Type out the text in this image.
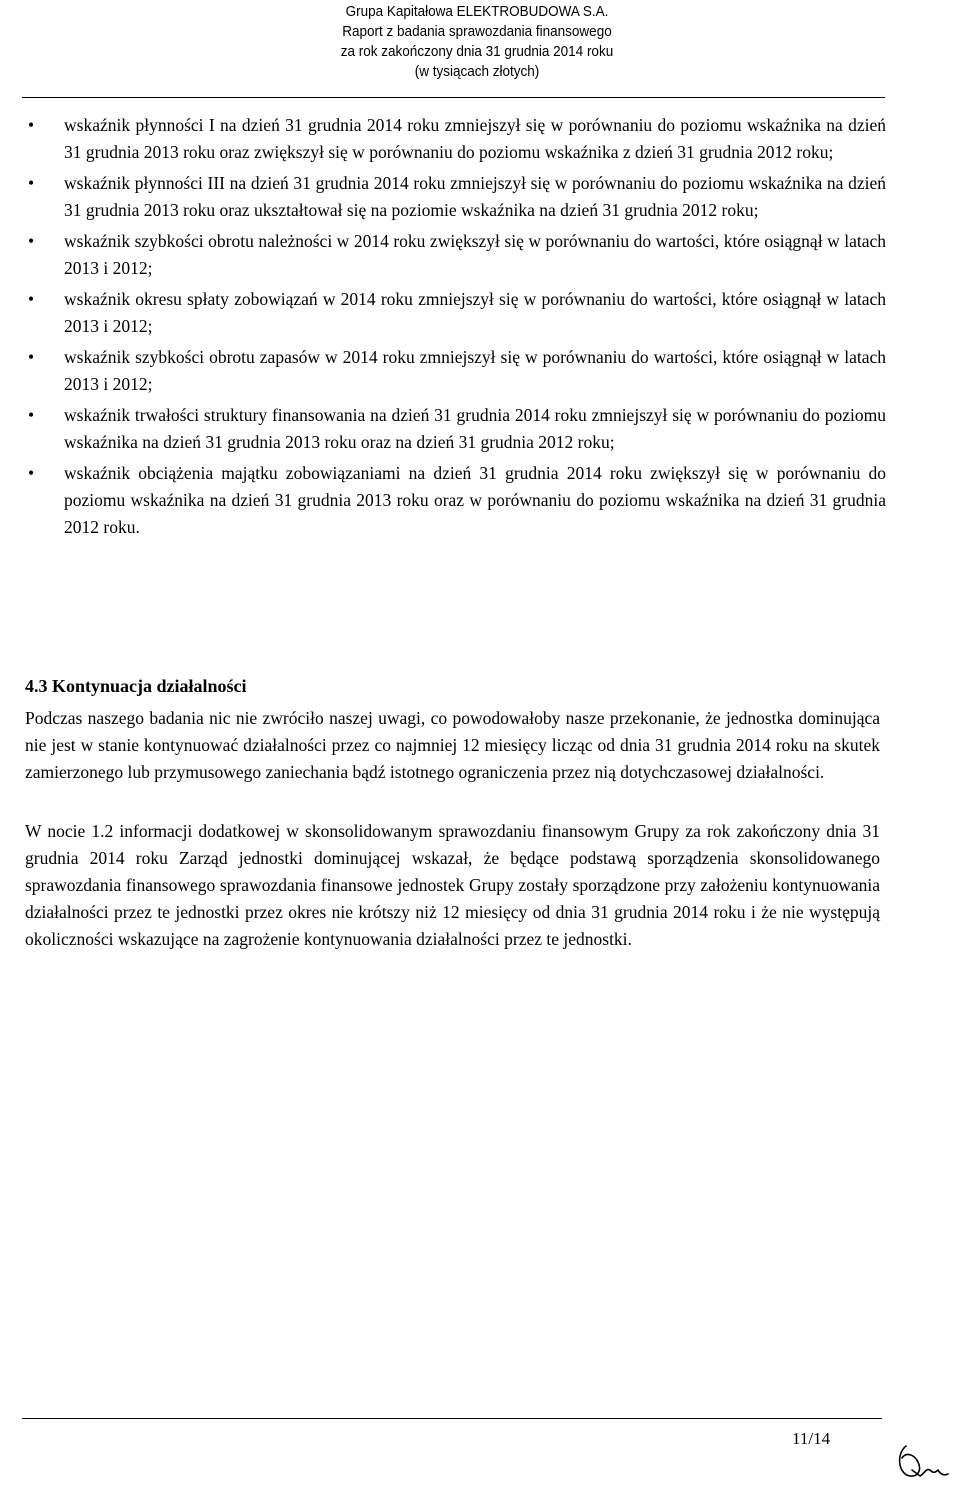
Grupa Kapitałowa ELEKTROBUDOWA S.A.
Raport z badania sprawozdania finansowego
za rok zakończony dnia 31 grudnia 2014 roku
(w tysiącach złotych)
• wskaźnik płynności I na dzień 31 grudnia 2014 roku zmniejszył się w porównaniu do poziomu wskaźnika na dzień 31 grudnia 2013 roku oraz zwiększył się w porównaniu do poziomu wskaźnika z dzień 31 grudnia 2012 roku;
• wskaźnik płynności III na dzień 31 grudnia 2014 roku zmniejszył się w porównaniu do poziomu wskaźnika na dzień 31 grudnia 2013 roku oraz ukształtował się na poziomie wskaźnika na dzień 31 grudnia 2012 roku;
• wskaźnik szybkości obrotu należności w 2014 roku zwiększył się w porównaniu do wartości, które osiągnął w latach 2013 i 2012;
• wskaźnik okresu spłaty zobowiązań w 2014 roku zmniejszył się w porównaniu do wartości, które osiągnął w latach 2013 i 2012;
• wskaźnik szybkości obrotu zapasów w 2014 roku zmniejszył się w porównaniu do wartości, które osiągnął w latach 2013 i 2012;
• wskaźnik trwałości struktury finansowania na dzień 31 grudnia 2014 roku zmniejszył się w porównaniu do poziomu wskaźnika na dzień 31 grudnia 2013 roku oraz na dzień 31 grudnia 2012 roku;
• wskaźnik obciążenia majątku zobowiązaniami na dzień 31 grudnia 2014 roku zwiększył się w porównaniu do poziomu wskaźnika na dzień 31 grudnia 2013 roku oraz w porównaniu do poziomu wskaźnika na dzień 31 grudnia 2012 roku.
4.3 Kontynuacja działalności

Podczas naszego badania nic nie zwróciło naszej uwagi, co powodowałoby nasze przekonanie, że jednostka dominująca nie jest w stanie kontynuować działalności przez co najmniej 12 miesięcy licząc od dnia 31 grudnia 2014 roku na skutek zamierzonego lub przymusowego zaniechania bądź istotnego ograniczenia przez nią dotychczasowej działalności.

W nocie 1.2 informacji dodatkowej w skonsolidowanym sprawozdaniu finansowym Grupy za rok zakończony dnia 31 grudnia 2014 roku Zarząd jednostki dominującej wskazał, że będące podstawą sporządzenia skonsolidowanego sprawozdania finansowego sprawozdania finansowe jednostek Grupy zostały sporządzone przy założeniu kontynuowania działalności przez te jednostki przez okres nie krótszy niż 12 miesięcy od dnia 31 grudnia 2014 roku i że nie występują okoliczności wskazujące na zagrożenie kontynuowania działalności przez te jednostki.

11/14
